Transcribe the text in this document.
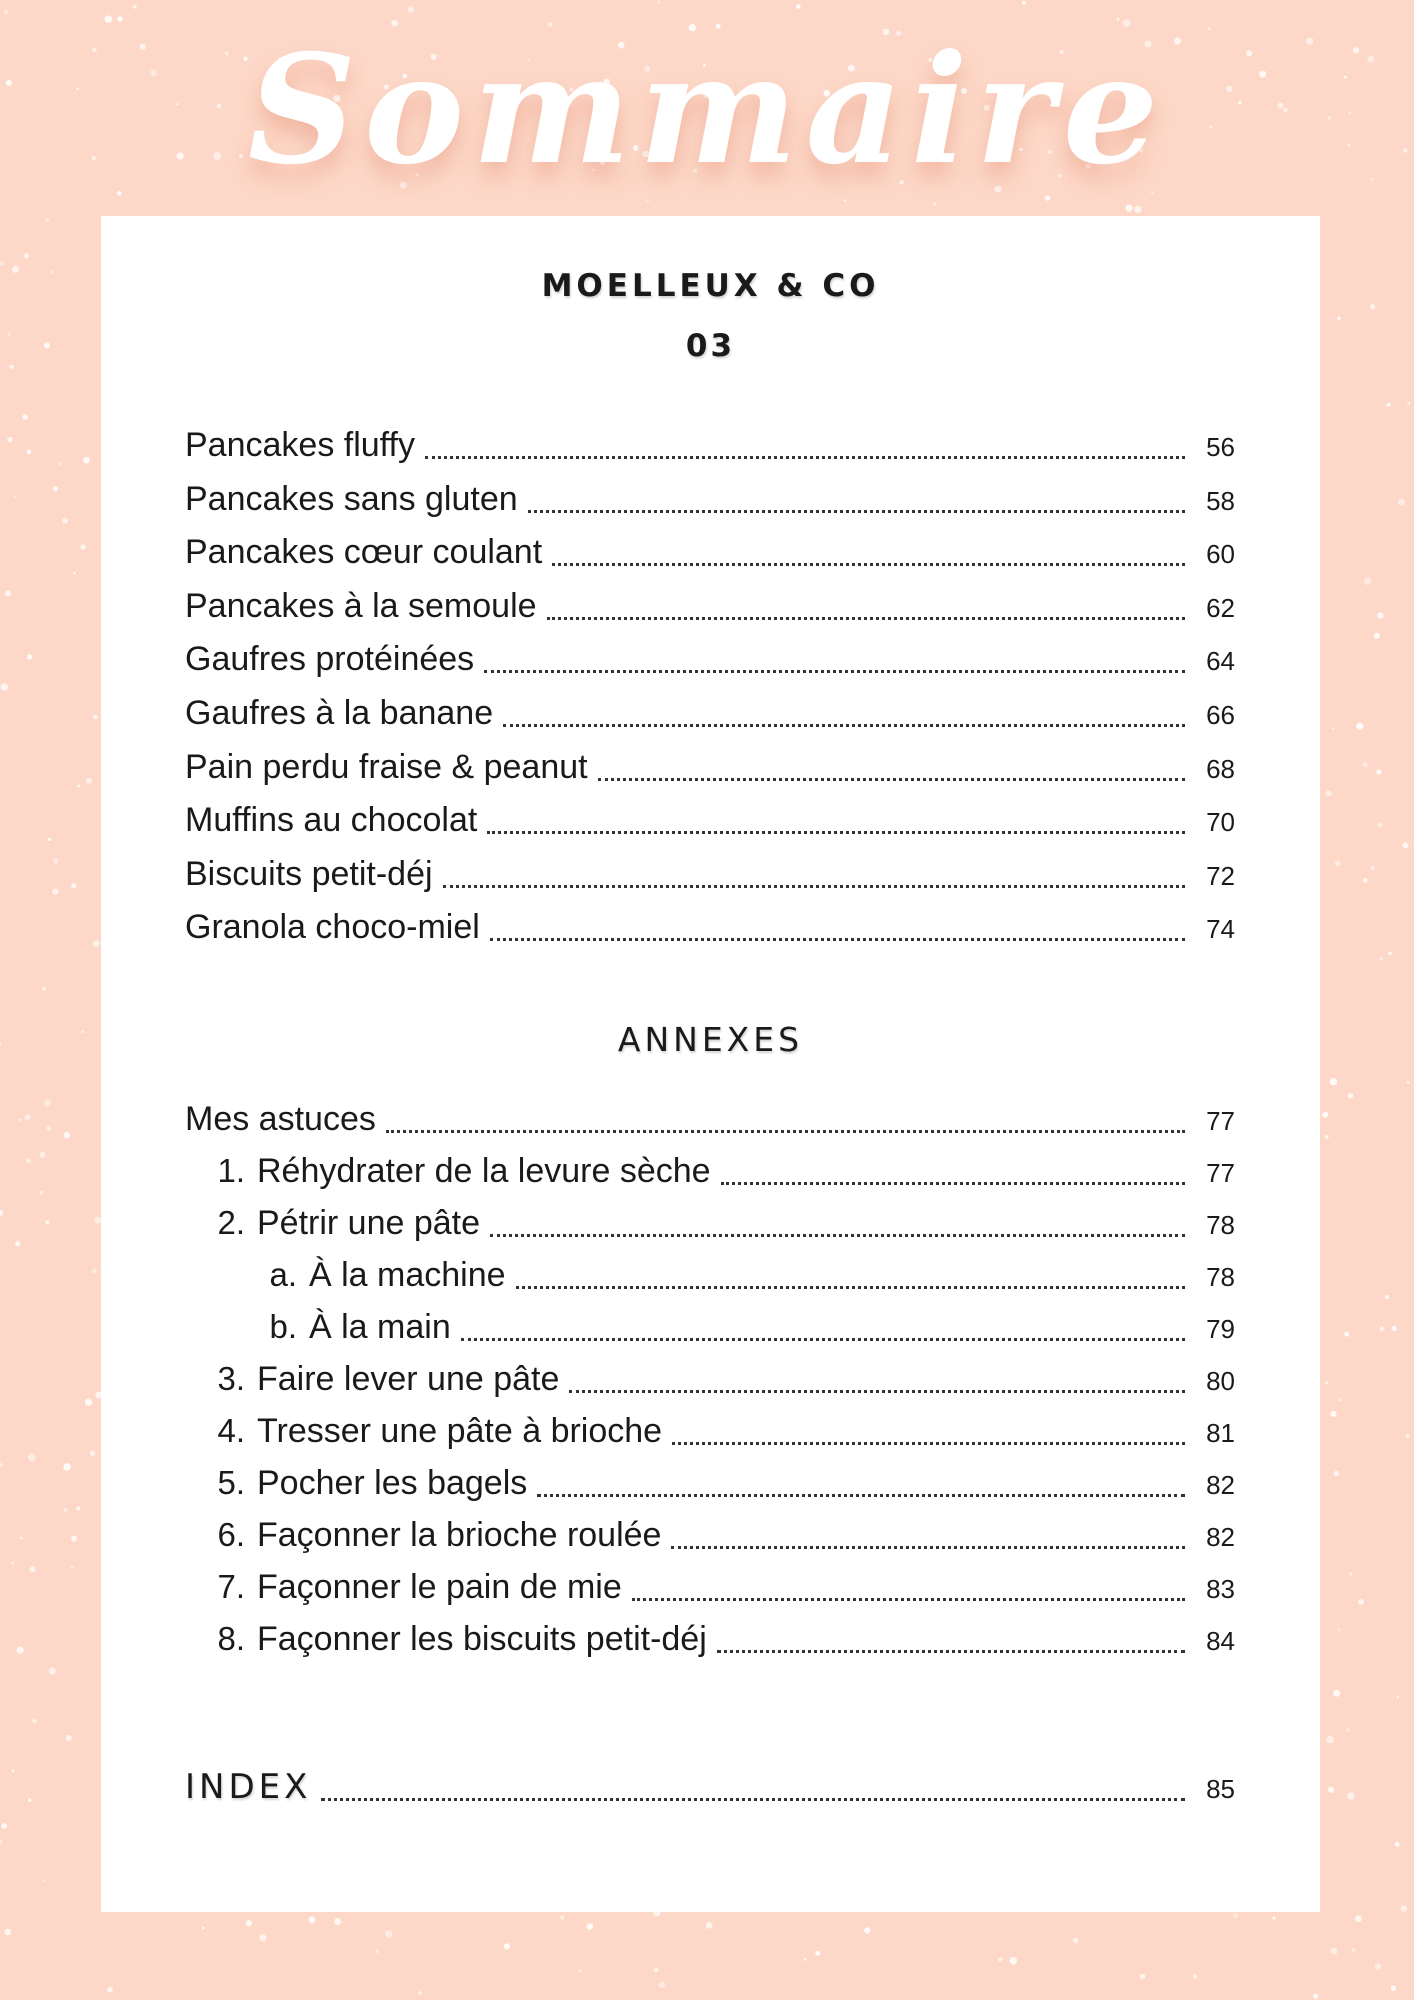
Sommaire
MOELLEUX & CO
03
Pancakes fluffy	56
Pancakes sans gluten	58
Pancakes cœur coulant	60
Pancakes à la semoule	62
Gaufres protéinées	64
Gaufres à la banane	66
Pain perdu fraise & peanut	68
Muffins au chocolat	70
Biscuits petit-déj	72
Granola choco-miel	74
ANNEXES
Mes astuces	77
1. Réhydrater de la levure sèche	77
2. Pétrir une pâte	78
a. À la machine	78
b. À la main	79
3. Faire lever une pâte	80
4. Tresser une pâte à brioche	81
5. Pocher les bagels	82
6. Façonner la brioche roulée	82
7. Façonner le pain de mie	83
8. Façonner les biscuits petit-déj	84
INDEX	85
